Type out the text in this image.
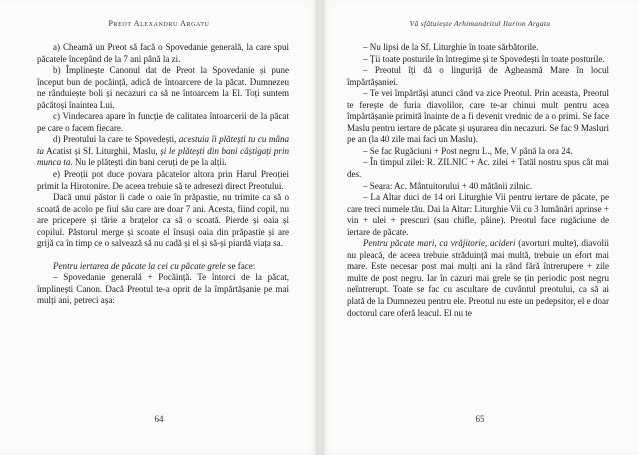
Preot Alexandru Argatu

a) Cheamă un Preot să facă o Spovedanie generală, la care spui păcatele începând de la 7 ani până la zi.

b) Împlinește Canonul dat de Preot la Spovedanie și pune început bun de pocăință, adică de întoarcere de la păcat. Dumnezeu ne rânduiește boli și necazuri ca să ne întoarcem la El. Toți suntem păcătoși înaintea Lui.

c) Vindecarea apare în funcție de calitatea întoarcerii de la păcat pe care o facem fiecare.

d) Preotului la care te Spovedești, acestuia îi plătești tu cu mâna ta Acatist și Sf. Liturghii, Maslu, și le plătești din bani câștigați prin munca ta. Nu le plătești din bani ceruți de pe la alții.

e) Preoții pot duce povara păcatelor altora prin Harul Preoției primit la Hirotonire. De aceea trebuie să te adresezi direct Preotului.

Dacă unui păstor îi cade o oaie în prăpastie, nu trimite ca să o scoată de acolo pe fiul său care are doar 7 ani. Acesta, fiind copil, nu are pricepere și tărie a brațelor ca să o scoată. Pierde și oaia și copilul. Păstorul merge și scoate el însuși oaia din prăpastie și are grijă ca în timp ce o salvează să nu cadă și el și să-și piardă viața sa.

Pentru iertarea de păcate la cei cu păcate grele se face:

– Spovedanie generală + Pocăință. Te întorci de la păcat, împlinești Canon. Dacă Preotul te-a oprit de la împărtășanie pe mai mulți ani, petreci așa:

64
Vă sfătuiește Arhimandritul Ilarion Argatu

– Nu lipsi de la Sf. Liturghie în toate sărbătorile.

– Ții toate posturile în întregime și te Spovedești în toate posturile.

– Preotul îți dă o linguriță de Agheasmă Mare în locul împărtășaniei.

– Te vei împărtăși atunci când va zice Preotul. Prin aceasta, Preotul te ferește de furia diavolilor, care te-ar chinui mult pentru acea împărtășanie primită înainte de a fi devenit vrednic de a o primi. Se face Maslu pentru iertare de păcate și ușurarea din necazuri. Se fac 9 Masluri pe an (la 40 zile mai faci un Maslu).

– Se fac Rugăciuni + Post negru L., Me, V până la ora 24.

– În timpul zilei: R. ZILNIC + Ac. zilei + Tatăl nostru spus cât mai des.

– Seara: Ac. Mântuitorului + 40 mătănii zilnic.

– La Altar duci de 14 ori Liturghie Vii pentru iertare de păcate, pe care treci numele tău. Dai la Altar: Liturghie Vii cu 3 lumânări aprinse + vin + ulei + prescuri (sau chifle, pâine). Preotul face rugăciune de iertare de păcate.

Pentru păcate mari, ca vrăjitorie, ucideri (avorturi multe), diavolii nu pleacă, de aceea trebuie străduință mai multă, trebuie un efort mai mare. Este necesar post mai mulți ani la rând fără întrerupere + zile multe de post negru. Iar în cazuri mai grele se țin periodic post negru neîntrerupt. Toate se fac cu ascultare de cuvântul preotului, ca să ai plată de la Dumnezeu pentru ele. Preotul nu este un pedepsitor, el e doar doctorul care oferă leacul. El nu te

65
